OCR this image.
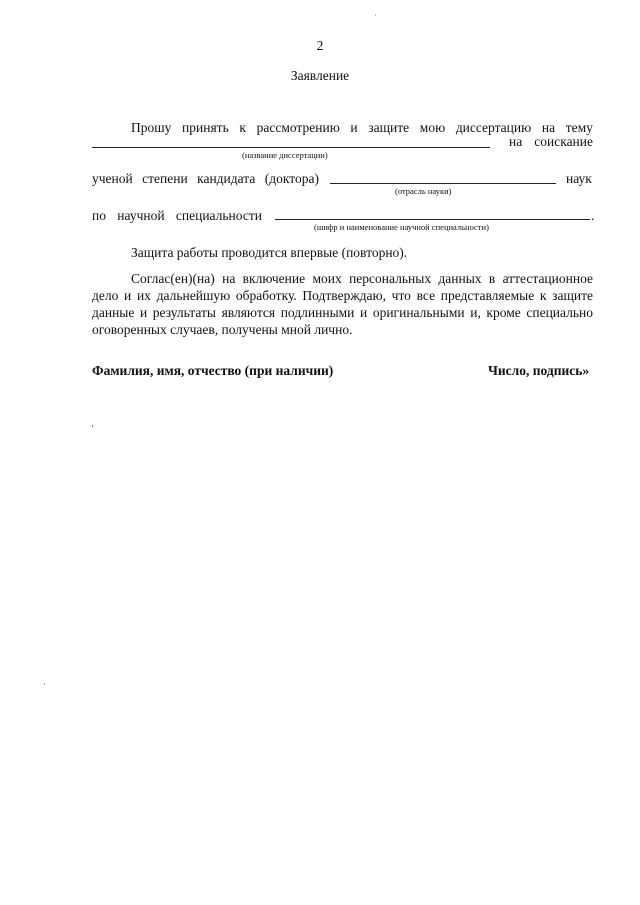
2
Заявление
Прошу принять к рассмотрению и защите мою диссертацию на тему
на соискание
(название диссертации)
ученой степени кандидата (доктора)	наук
(отрасль науки)
по научной специальности	.
(шифр и наименование научной специальности)
Защита работы проводится впервые (повторно).
Соглас(ен)(на) на включение моих персональных данных в аттестационное дело и их дальнейшую обработку. Подтверждаю, что все представляемые к защите данные и результаты являются подлинными и оригинальными и, кроме специально оговоренных случаев, получены мной лично.
Фамилия, имя, отчество (при наличии)	Число, подпись»
